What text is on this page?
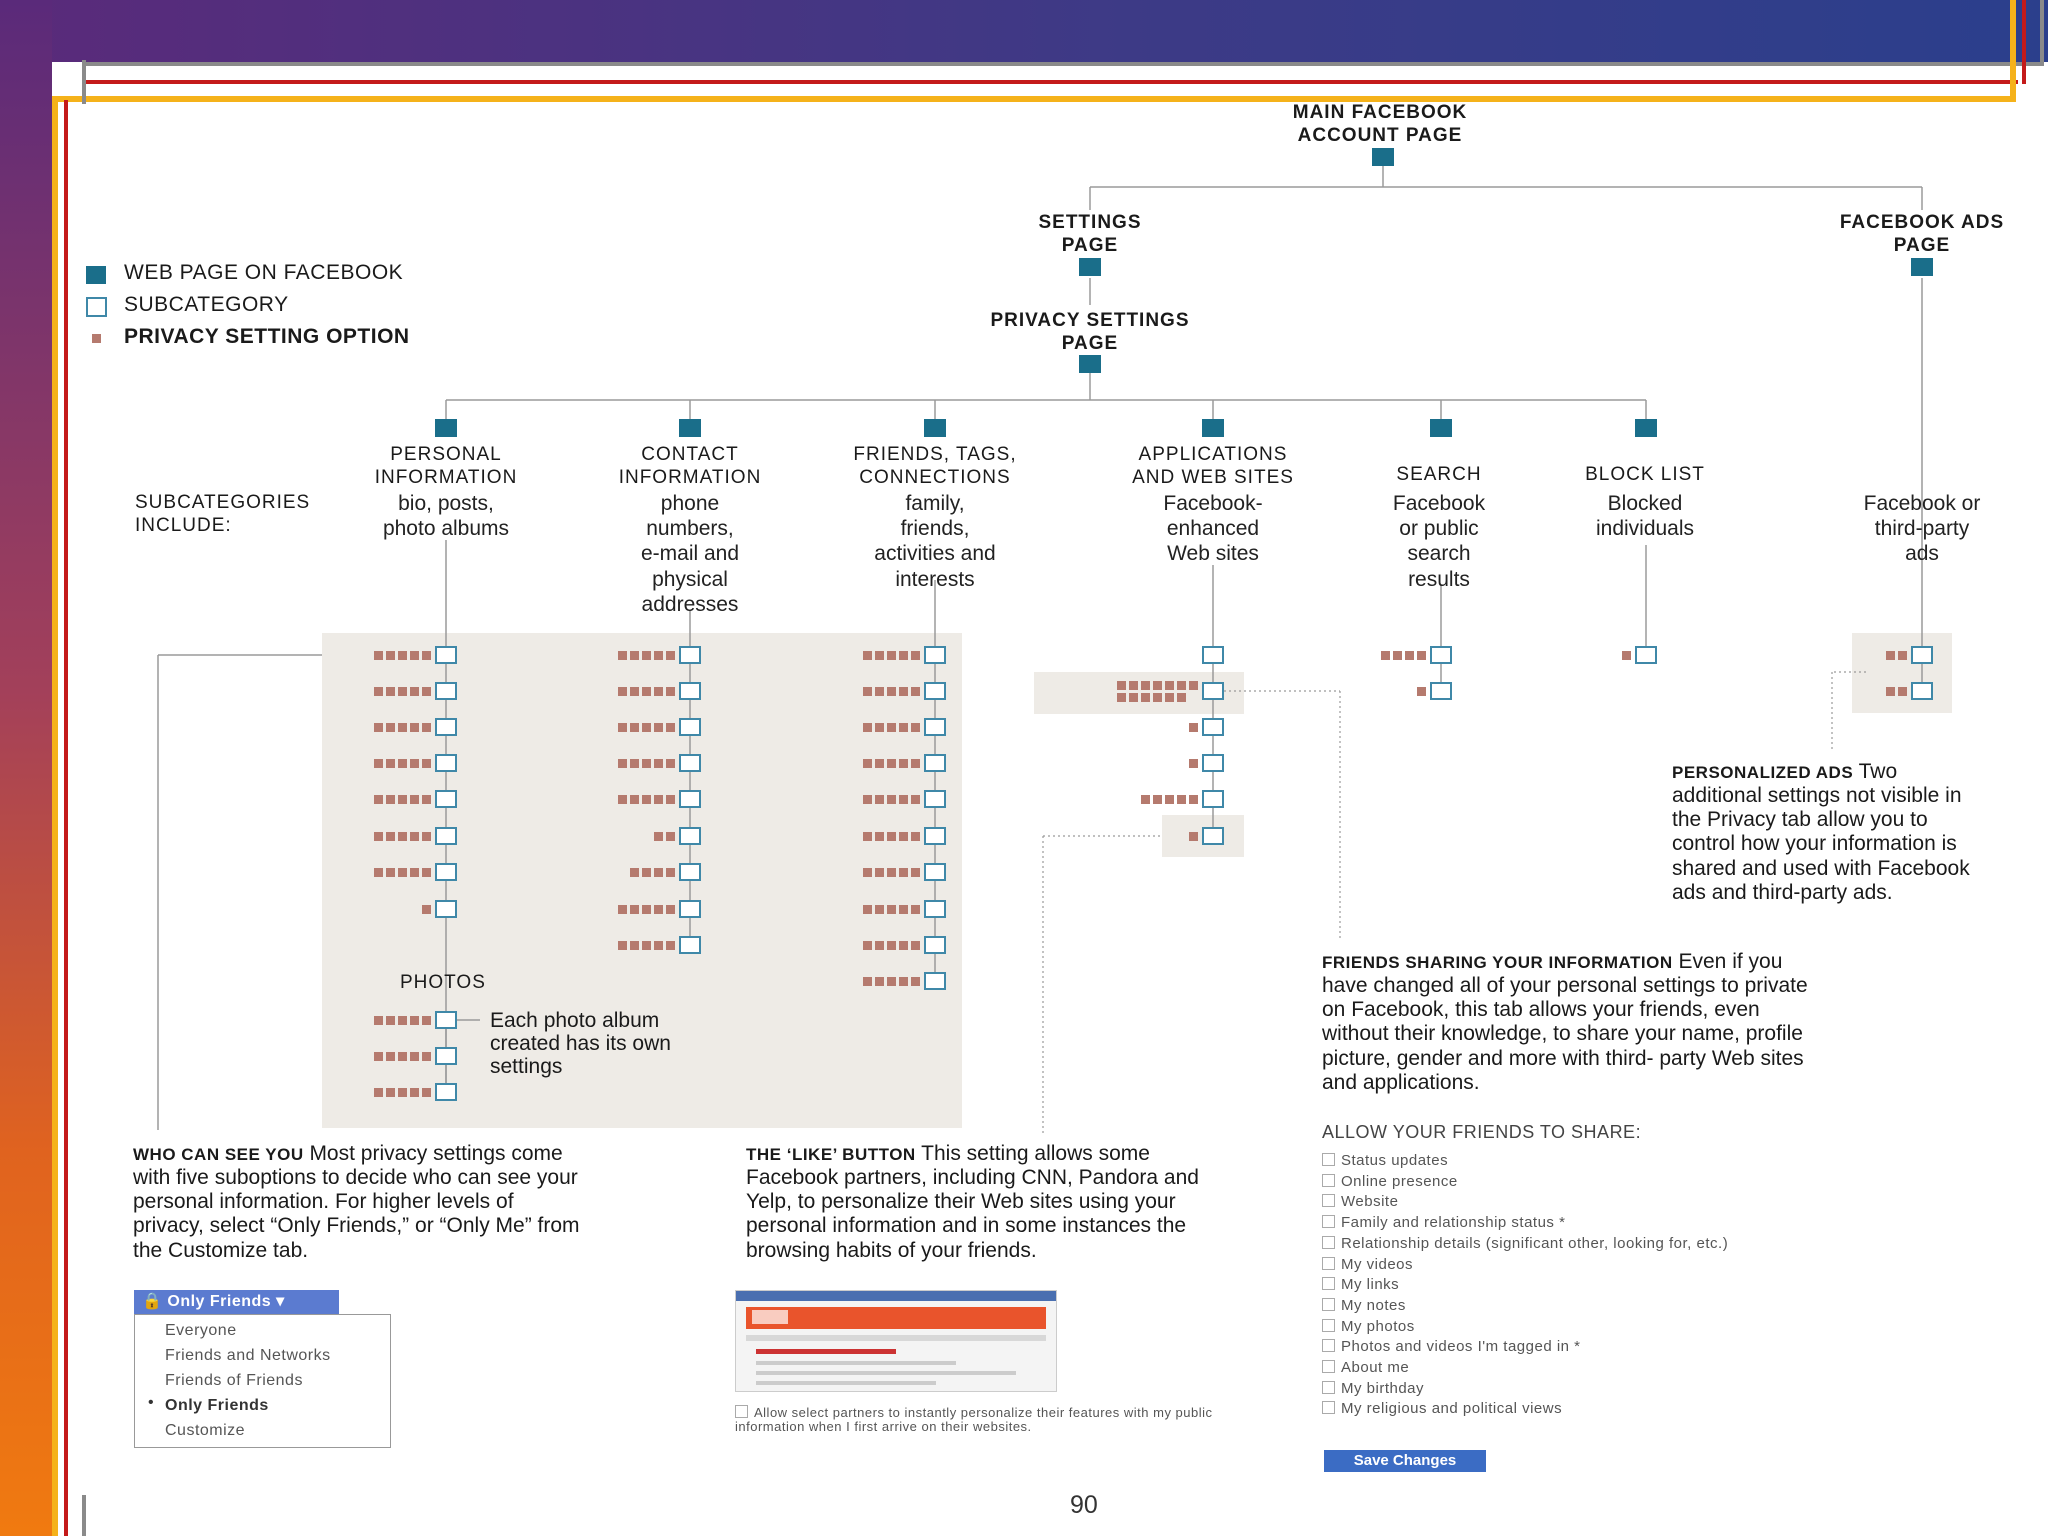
WEB PAGE ON FACEBOOK
SUBCATEGORY
PRIVACY SETTING OPTION
MAIN FACEBOOK
ACCOUNT PAGE
SETTINGS
PAGE
FACEBOOK ADS
PAGE
PRIVACY SETTINGS
PAGE
SUBCATEGORIES
INCLUDE:
PERSONAL
INFORMATION
bio, posts,
photo albums
CONTACT
INFORMATION
phone
numbers,
e-mail and
physical
addresses
FRIENDS, TAGS,
CONNECTIONS
family,
friends,
activities and
interests
APPLICATIONS
AND WEB SITES
Facebook-
enhanced
Web sites
SEARCH
Facebook
or public
search
results
BLOCK LIST
Blocked
individuals
Facebook or
third-party
ads
PHOTOS
Each photo album
created has its own
settings
WHO CAN SEE YOU Most privacy settings come with five suboptions to decide who can see your personal information. For higher levels of privacy, select “Only Friends,” or “Only Me” from the Customize tab.
THE ‘LIKE’ BUTTON This setting allows some Facebook partners, including CNN, Pandora and Yelp, to personalize their Web sites using your personal information and in some instances the browsing habits of your friends.
FRIENDS SHARING YOUR INFORMATION Even if you have changed all of your personal settings to private on Facebook, this tab allows your friends, even without their knowledge, to share your name, profile picture, gender and more with third- party Web sites and applications.
PERSONALIZED ADS Two additional settings not visible in the Privacy tab allow you to control how your information is shared and used with Facebook ads and third-party ads.
🔒 Only Friends ▾
Everyone
Friends and Networks
Friends of Friends
• Only Friends
Customize
Allow select partners to instantly personalize their features with my public information when I first arrive on their websites.
ALLOW YOUR FRIENDS TO SHARE:
Status updates
Online presence
Website
Family and relationship status *
Relationship details (significant other, looking for, etc.)
My videos
My links
My notes
My photos
Photos and videos I'm tagged in *
About me
My birthday
My religious and political views
Save Changes
90
